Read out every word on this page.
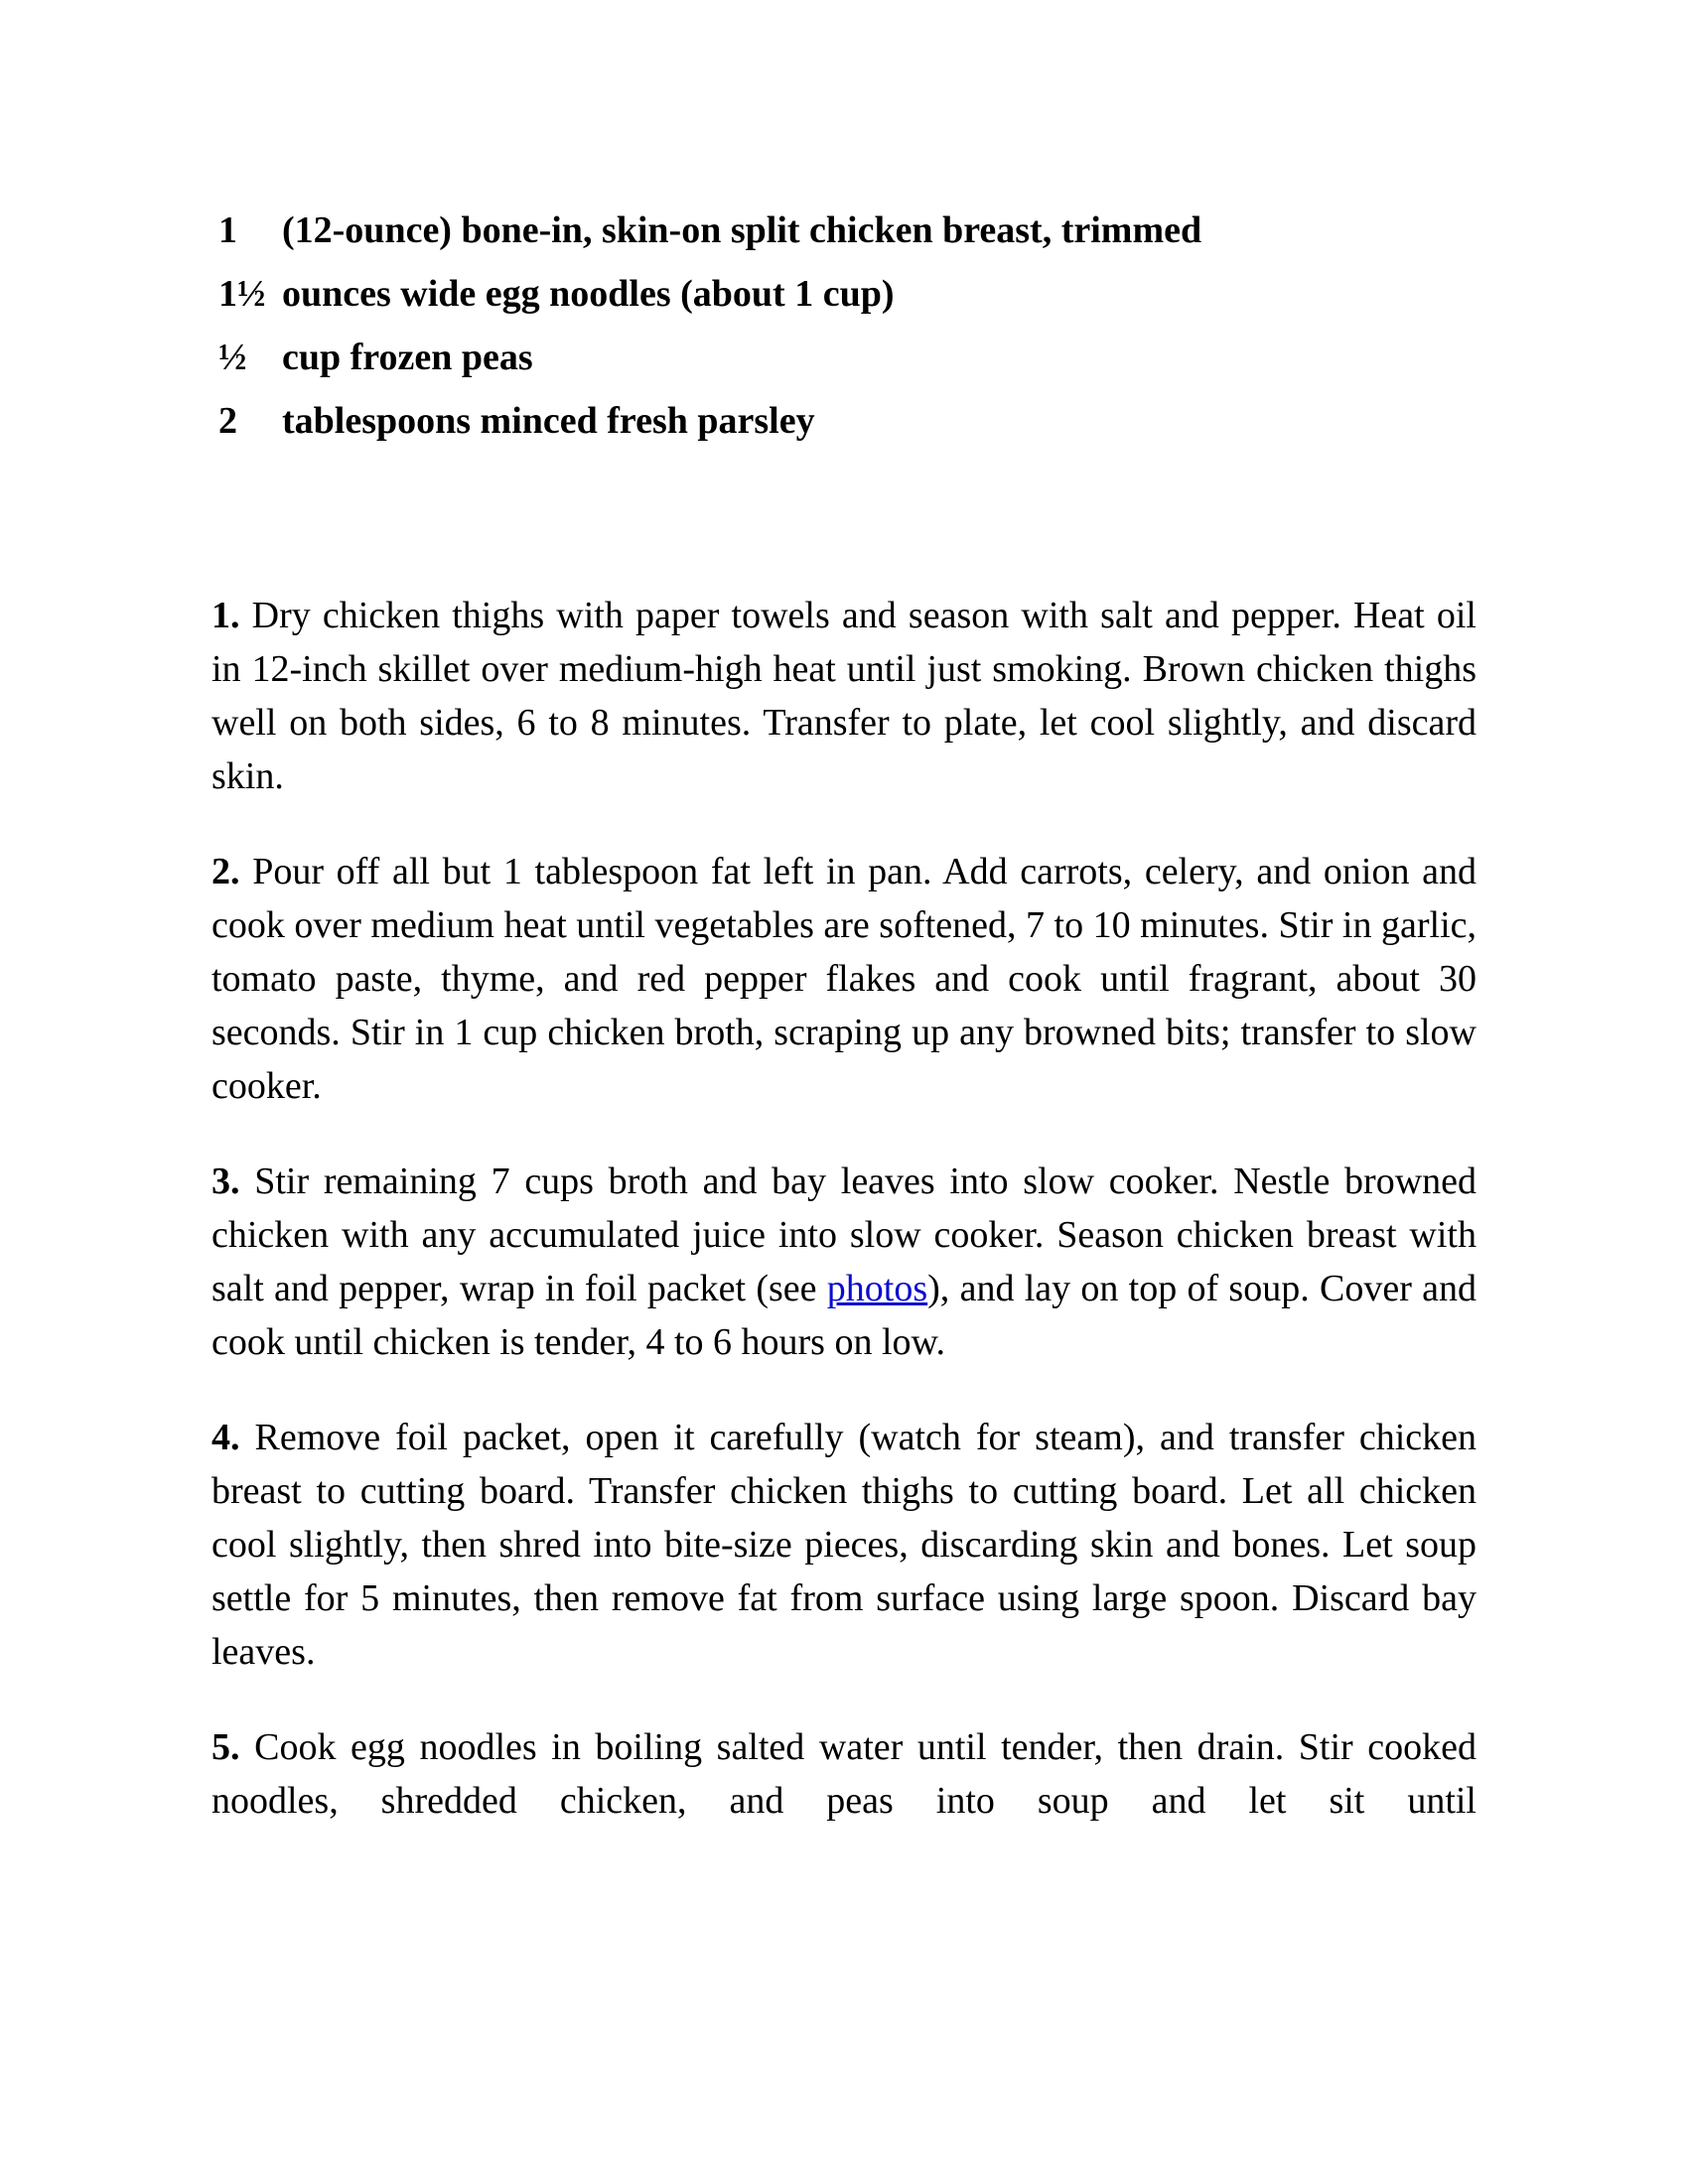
1	(12-ounce) bone-in, skin-on split chicken breast, trimmed
1½ ounces wide egg noodles (about 1 cup)
½ cup frozen peas
2	tablespoons minced fresh parsley

1. Dry chicken thighs with paper towels and season with salt and pepper. Heat oil in 12-inch skillet over medium-high heat until just smoking. Brown chicken thighs well on both sides, 6 to 8 minutes. Transfer to plate, let cool slightly, and discard skin.

2. Pour off all but 1 tablespoon fat left in pan. Add carrots, celery, and onion and cook over medium heat until vegetables are softened, 7 to 10 minutes. Stir in garlic, tomato paste, thyme, and red pepper flakes and cook until fragrant, about 30 seconds. Stir in 1 cup chicken broth, scraping up any browned bits; transfer to slow cooker.

3. Stir remaining 7 cups broth and bay leaves into slow cooker. Nestle browned chicken with any accumulated juice into slow cooker. Season chicken breast with salt and pepper, wrap in foil packet (see photos), and lay on top of soup. Cover and cook until chicken is tender, 4 to 6 hours on low.

4. Remove foil packet, open it carefully (watch for steam), and transfer chicken breast to cutting board. Transfer chicken thighs to cutting board. Let all chicken cool slightly, then shred into bite-size pieces, discarding skin and bones. Let soup settle for 5 minutes, then remove fat from surface using large spoon. Discard bay leaves.

5. Cook egg noodles in boiling salted water until tender, then drain. Stir cooked noodles, shredded chicken, and peas into soup and let sit until
